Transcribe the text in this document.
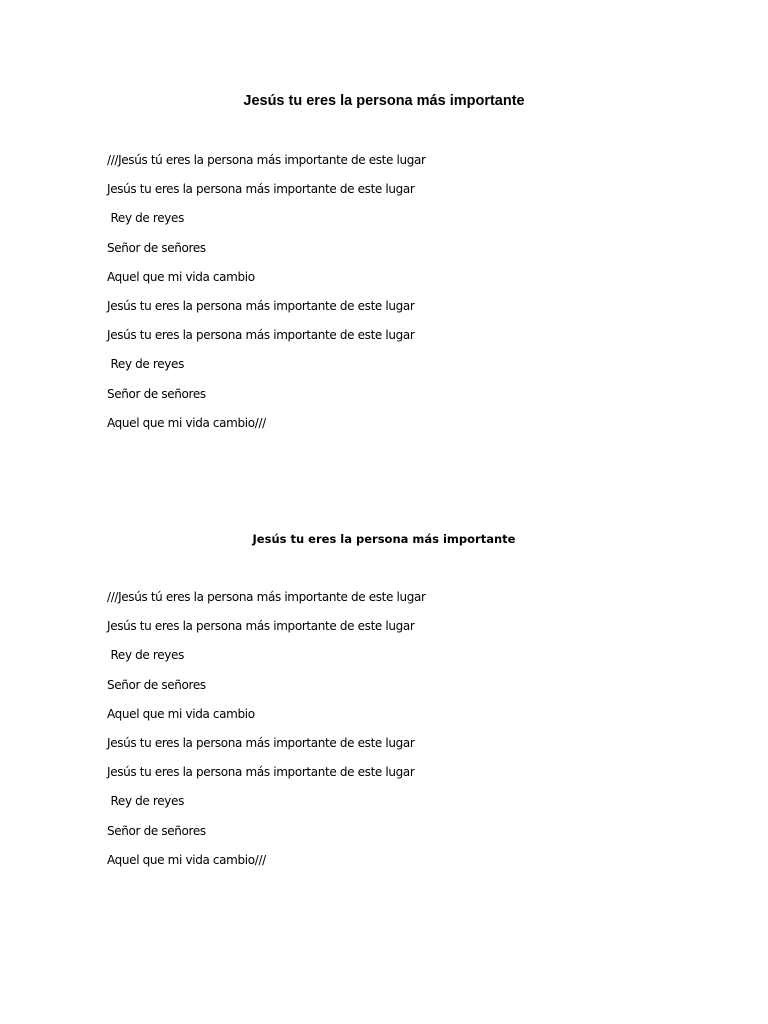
Jesús tu eres la persona más importante
///Jesús tú eres la persona más importante de este lugar
Jesús tu eres la persona más importante de este lugar
Rey de reyes
Señor de señores
Aquel que mi vida cambio
Jesús tu eres la persona más importante de este lugar
Jesús tu eres la persona más importante de este lugar
Rey de reyes
Señor de señores
Aquel que mi vida cambio///
Jesús tu eres la persona más importante
///Jesús tú eres la persona más importante de este lugar
Jesús tu eres la persona más importante de este lugar
Rey de reyes
Señor de señores
Aquel que mi vida cambio
Jesús tu eres la persona más importante de este lugar
Jesús tu eres la persona más importante de este lugar
Rey de reyes
Señor de señores
Aquel que mi vida cambio///
